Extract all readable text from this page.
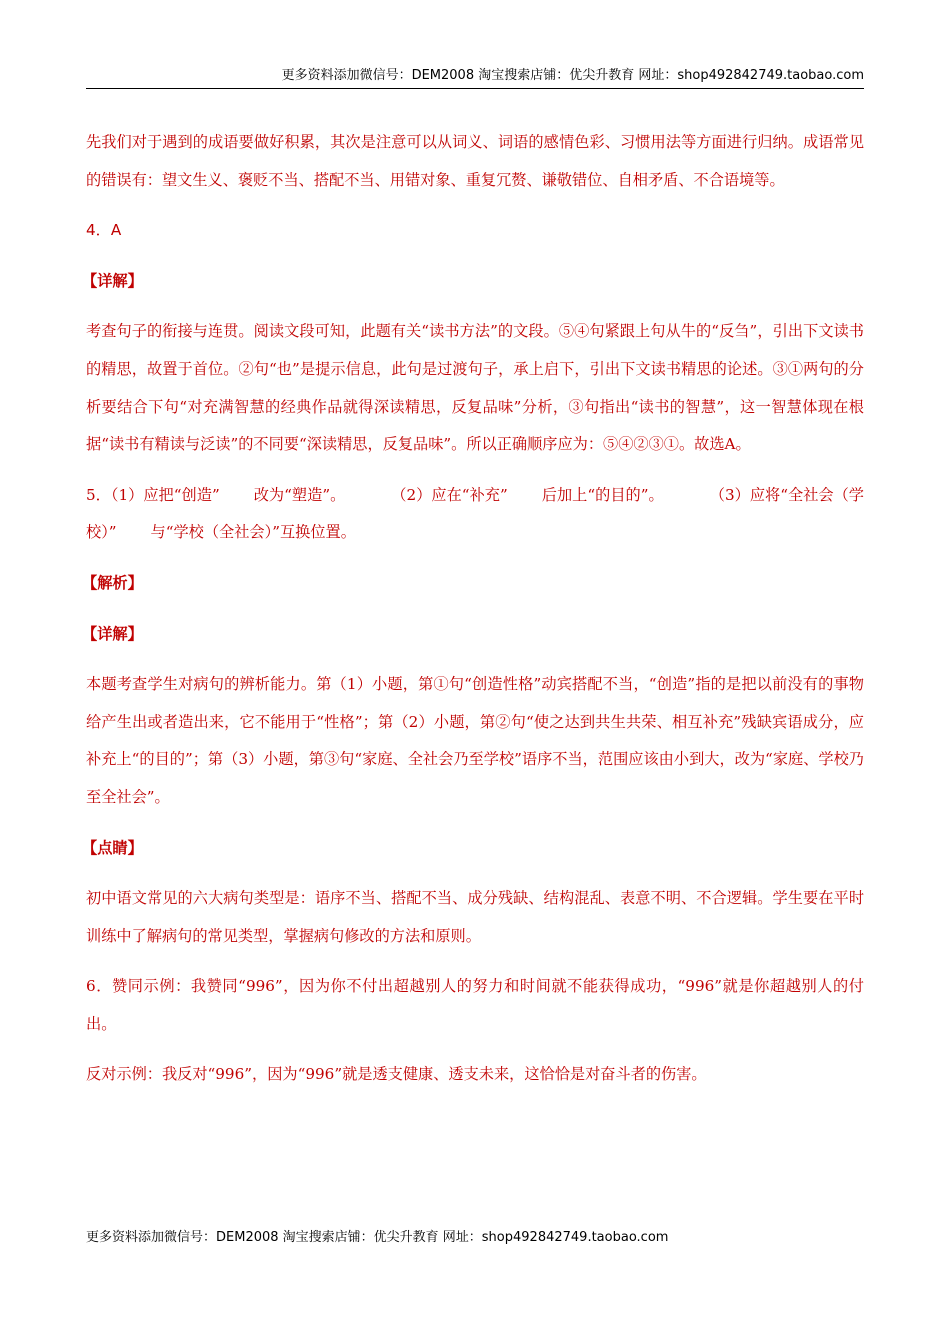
更多资料添加微信号：DEM2008 淘宝搜索店铺：优尖升教育 网址：shop492842749.taobao.com

先我们对于遇到的成语要做好积累，其次是注意可以从词义、词语的感情色彩、习惯用法等方面进行归纳。成语常见的错误有：望文生义、褒贬不当、搭配不当、用错对象、重复冗赘、谦敬错位、自相矛盾、不合语境等。

4．A

【详解】

考查句子的衔接与连贯。阅读文段可知，此题有关“读书方法”的文段。⑤④句紧跟上句从牛的“反刍”，引出下文读书的精思，故置于首位。②句“也”是提示信息，此句是过渡句子，承上启下，引出下文读书精思的论述。③①两句的分析要结合下句“对充满智慧的经典作品就得深读精思，反复品味”分析，③句指出“读书的智慧”，这一智慧体现在根据“读书有精读与泛读”的不同要“深读精思，反复品味”。所以正确顺序应为：⑤④②③①。故选A。

5．（1）应把“创造” 改为“塑造”。	（2）应在“补充” 后加上“的目的”。	（3）应将“全社会（学校）” 与“学校（全社会）”互换位置。

【解析】

【详解】

本题考查学生对病句的辨析能力。第（1）小题，第①句“创造性格”动宾搭配不当，“创造”指的是把以前没有的事物给产生出或者造出来，它不能用于“性格”；第（2）小题，第②句“使之达到共生共荣、相互补充”残缺宾语成分，应补充上“的目的”；第（3）小题，第③句“家庭、全社会乃至学校”语序不当，范围应该由小到大，改为“家庭、学校乃至全社会”。

【点睛】

初中语文常见的六大病句类型是：语序不当、搭配不当、成分残缺、结构混乱、表意不明、不合逻辑。学生要在平时训练中了解病句的常见类型，掌握病句修改的方法和原则。

6．赞同示例：我赞同“996”，因为你不付出超越别人的努力和时间就不能获得成功，“996”就是你超越别人的付出。

反对示例：我反对“996”，因为“996”就是透支健康、透支未来，这恰恰是对奋斗者的伤害。

更多资料添加微信号：DEM2008 淘宝搜索店铺：优尖升教育 网址：shop492842749.taobao.com
